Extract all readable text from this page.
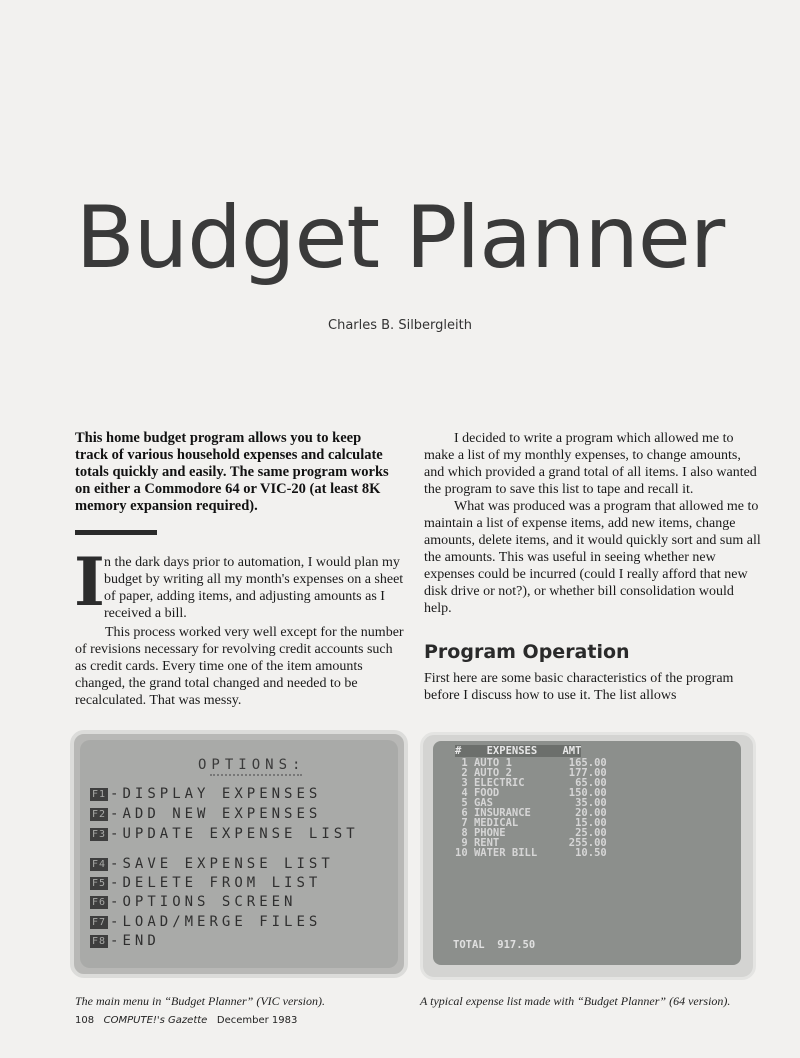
Budget Planner
Charles B. Silbergleith
This home budget program allows you to keep track of various household expenses and calculate totals quickly and easily. The same program works on either a Commodore 64 or VIC-20 (at least 8K memory expansion required).
I n the dark days prior to automation, I would plan my budget by writing all my month's expenses on a sheet of paper, adding items, and adjusting amounts as I received a bill.

This process worked very well except for the number of revisions necessary for revolving credit accounts such as credit cards. Every time one of the item amounts changed, the grand total changed and needed to be recalculated. That was messy.

I decided to write a program which allowed me to make a list of my monthly expenses, to change amounts, and which provided a grand total of all items. I also wanted the program to save this list to tape and recall it.

What was produced was a program that allowed me to maintain a list of expense items, add new items, change amounts, delete items, and it would quickly sort and sum all the amounts. This was useful in seeing whether new expenses could be incurred (could I really afford that new disk drive or not?), or whether bill consolidation would help.

Program Operation

First here are some basic characteristics of the program before I discuss how to use it. The list allows

OPTIONS:
F1 -DISPLAY EXPENSES
F2 -ADD NEW EXPENSES
F3 -UPDATE EXPENSE LIST
F4 -SAVE EXPENSE LIST
F5 -DELETE FROM LIST
F6 -OPTIONS SCREEN
F7 -LOAD/MERGE FILES
F8 -END
#    EXPENSES    AMT
1 AUTO 1         165.00
2 AUTO 2         177.00
3 ELECTRIC        65.00
4 FOOD           150.00
5 GAS             35.00
6 INSURANCE       20.00
7 MEDICAL         15.00
8 PHONE           25.00
9 RENT           255.00
10 WATER BILL      10.50
TOTAL  917.50
The main menu in “Budget Planner” (VIC version).	A typical expense list made with “Budget Planner” (64 version).
108 COMPUTE!'s Gazette December 1983
